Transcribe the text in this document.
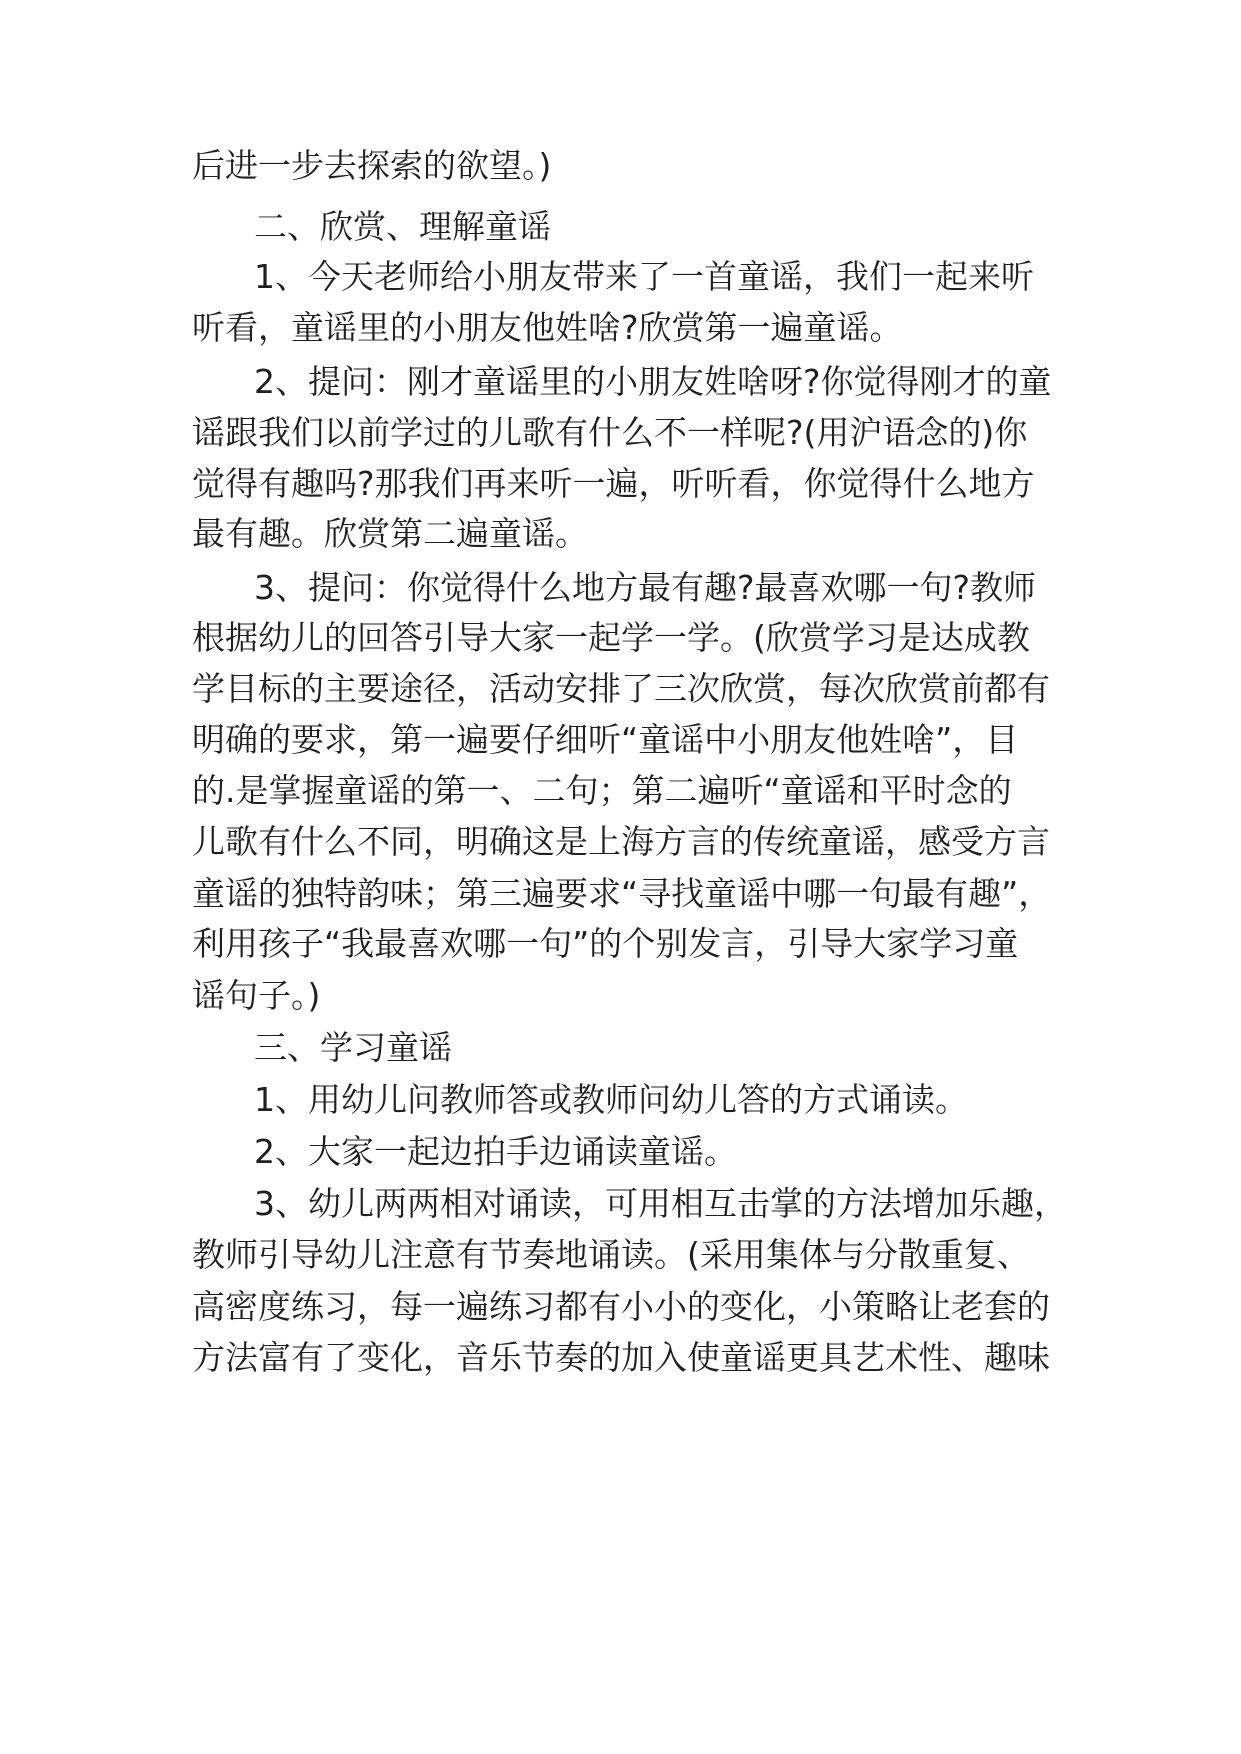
后进一步去探索的欲望。)
二、欣赏、理解童谣
1、今天老师给小朋友带来了一首童谣，我们一起来听
听看，童谣里的小朋友他姓啥?欣赏第一遍童谣。
2、提问：刚才童谣里的小朋友姓啥呀?你觉得刚才的童
谣跟我们以前学过的儿歌有什么不一样呢?(用沪语念的)你
觉得有趣吗?那我们再来听一遍，听听看，你觉得什么地方
最有趣。欣赏第二遍童谣。
3、提问：你觉得什么地方最有趣?最喜欢哪一句?教师
根据幼儿的回答引导大家一起学一学。(欣赏学习是达成教
学目标的主要途径，活动安排了三次欣赏，每次欣赏前都有
明确的要求，第一遍要仔细听“童谣中小朋友他姓啥”，目
的.是掌握童谣的第一、二句；第二遍听“童谣和平时念的
儿歌有什么不同，明确这是上海方言的传统童谣，感受方言
童谣的独特韵味；第三遍要求“寻找童谣中哪一句最有趣”，
利用孩子“我最喜欢哪一句”的个别发言，引导大家学习童
谣句子。)
三、学习童谣
1、用幼儿问教师答或教师问幼儿答的方式诵读。
2、大家一起边拍手边诵读童谣。
3、幼儿两两相对诵读，可用相互击掌的方法增加乐趣，
教师引导幼儿注意有节奏地诵读。(采用集体与分散重复、
高密度练习，每一遍练习都有小小的变化，小策略让老套的
方法富有了变化，音乐节奏的加入使童谣更具艺术性、趣味
